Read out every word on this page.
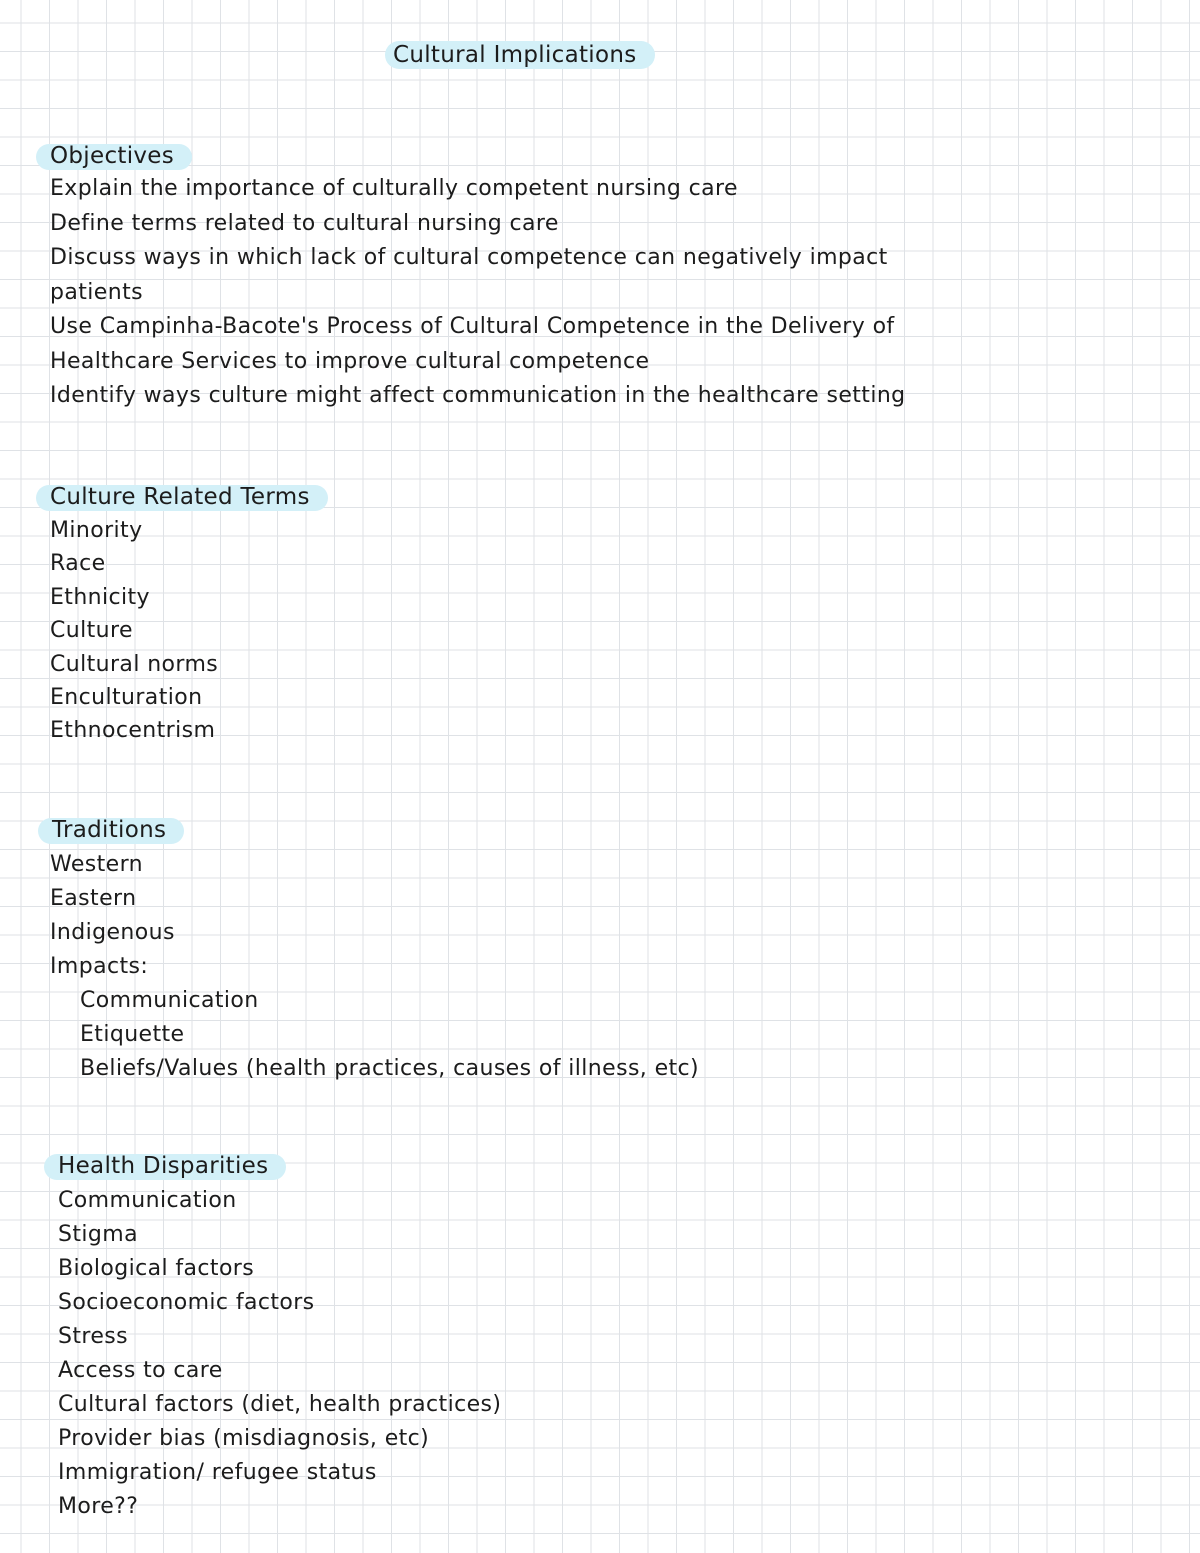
Cultural Implications
Objectives
Explain the importance of culturally competent nursing care
Define terms related to cultural nursing care
Discuss ways in which lack of cultural competence can negatively impact
patients
Use Campinha-Bacote's Process of Cultural Competence in the Delivery of
Healthcare Services to improve cultural competence
Identify ways culture might affect communication in the healthcare setting
Culture Related Terms
Minority
Race
Ethnicity
Culture
Cultural norms
Enculturation
Ethnocentrism
Traditions
Western
Eastern
Indigenous
Impacts:
Communication
Etiquette
Beliefs/Values (health practices, causes of illness, etc)
Health Disparities
Communication
Stigma
Biological factors
Socioeconomic factors
Stress
Access to care
Cultural factors (diet, health practices)
Provider bias (misdiagnosis, etc)
Immigration/ refugee status
More??
